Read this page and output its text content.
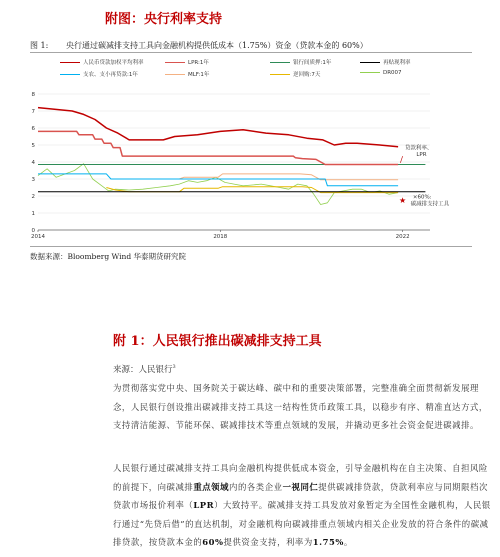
附图：央行利率支持
图 1: 央行通过碳减排支持工具向金融机构提供低成本（1.75%）资金（贷款本金的 60%）
人民币贷款加权平均利率	LPR:1年	银行间质押:1年	再贴现利率
支农、支小再贷款:1年	MLF:1年	逆回购:7天	DR007
0
1
2
3
4
5
6
7
8
2014	2018	2022
贷款利率、
LPR
★ ×60%:
碳减排支持工具
数据来源：Bloomberg Wind 华泰期货研究院
附 1：人民银行推出碳减排支持工具
来源：人民银行$^3$
为贯彻落实党中央、国务院关于碳达峰、碳中和的重要决策部署，完整准确全面贯彻新发展理念，人民银行创设推出碳减排支持工具这一结构性货币政策工具，以稳步有序、精准直达方式，支持清洁能源、节能环保、碳减排技术等重点领域的发展，并撬动更多社会资金促进碳减排。
人民银行通过碳减排支持工具向金融机构提供低成本资金，引导金融机构在自主决策、自担风险的前提下，向碳减排重点领域内的各类企业一视同仁提供碳减排贷款，贷款利率应与同期限档次贷款市场报价利率（LPR）大致持平。碳减排支持工具发放对象暂定为全国性金融机构，人民银行通过“先贷后借”的直达机制，对金融机构向碳减排重点领域内相关企业发放的符合条件的碳减排贷款，按贷款本金的60%提供资金支持，利率为1.75%。
